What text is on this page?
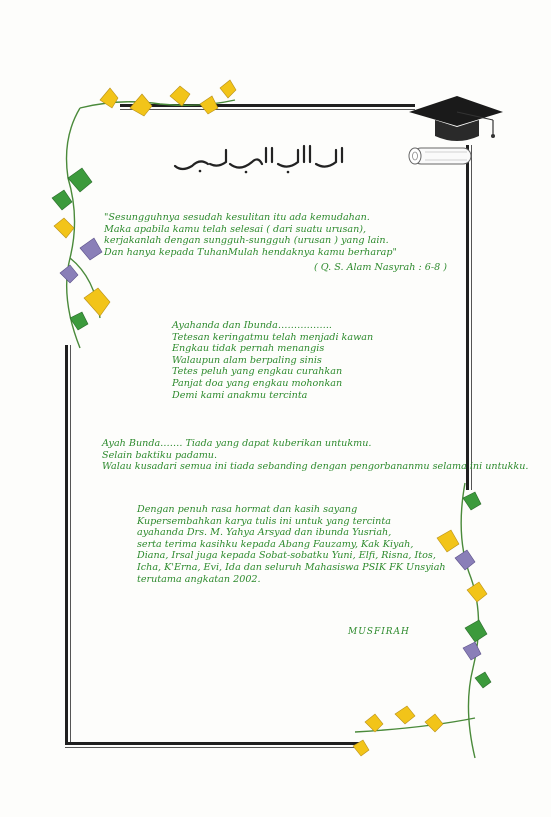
"Sesungguhnya sesudah kesulitan itu ada kemudahan.
Maka apabila kamu telah selesai ( dari suatu urusan),
kerjakanlah dengan sungguh-sungguh (urusan ) yang lain.
Dan hanya kepada TuhanMulah hendaknya kamu berharap"
( Q. S. Alam Nasyrah : 6-8 )
Ayahanda dan Ibunda……………..
Tetesan keringatmu telah menjadi kawan
Engkau tidak pernah menangis
Walaupun alam berpaling sinis
Tetes peluh yang engkau curahkan
Panjat doa yang engkau mohonkan
Demi kami anakmu tercinta
Ayah Bunda……. Tiada yang dapat kuberikan untukmu.
Selain baktiku padamu.
Walau kusadari semua ini tiada sebanding dengan pengorbananmu selama ini untukku.
Dengan penuh rasa hormat dan kasih sayang
Kupersembahkan karya tulis ini untuk yang tercinta
ayahanda Drs. M. Yahya Arsyad dan ibunda Yusriah,
serta terima kasihku kepada Abang Fauzamy, Kak Kiyah,
Diana, Irsal juga kepada Sobat-sobatku Yuni, Elfi, Risna, Itos,
Icha, K'Erna, Evi, Ida dan seluruh Mahasiswa PSIK FK Unsyiah
terutama angkatan 2002.
MUSFIRAH
